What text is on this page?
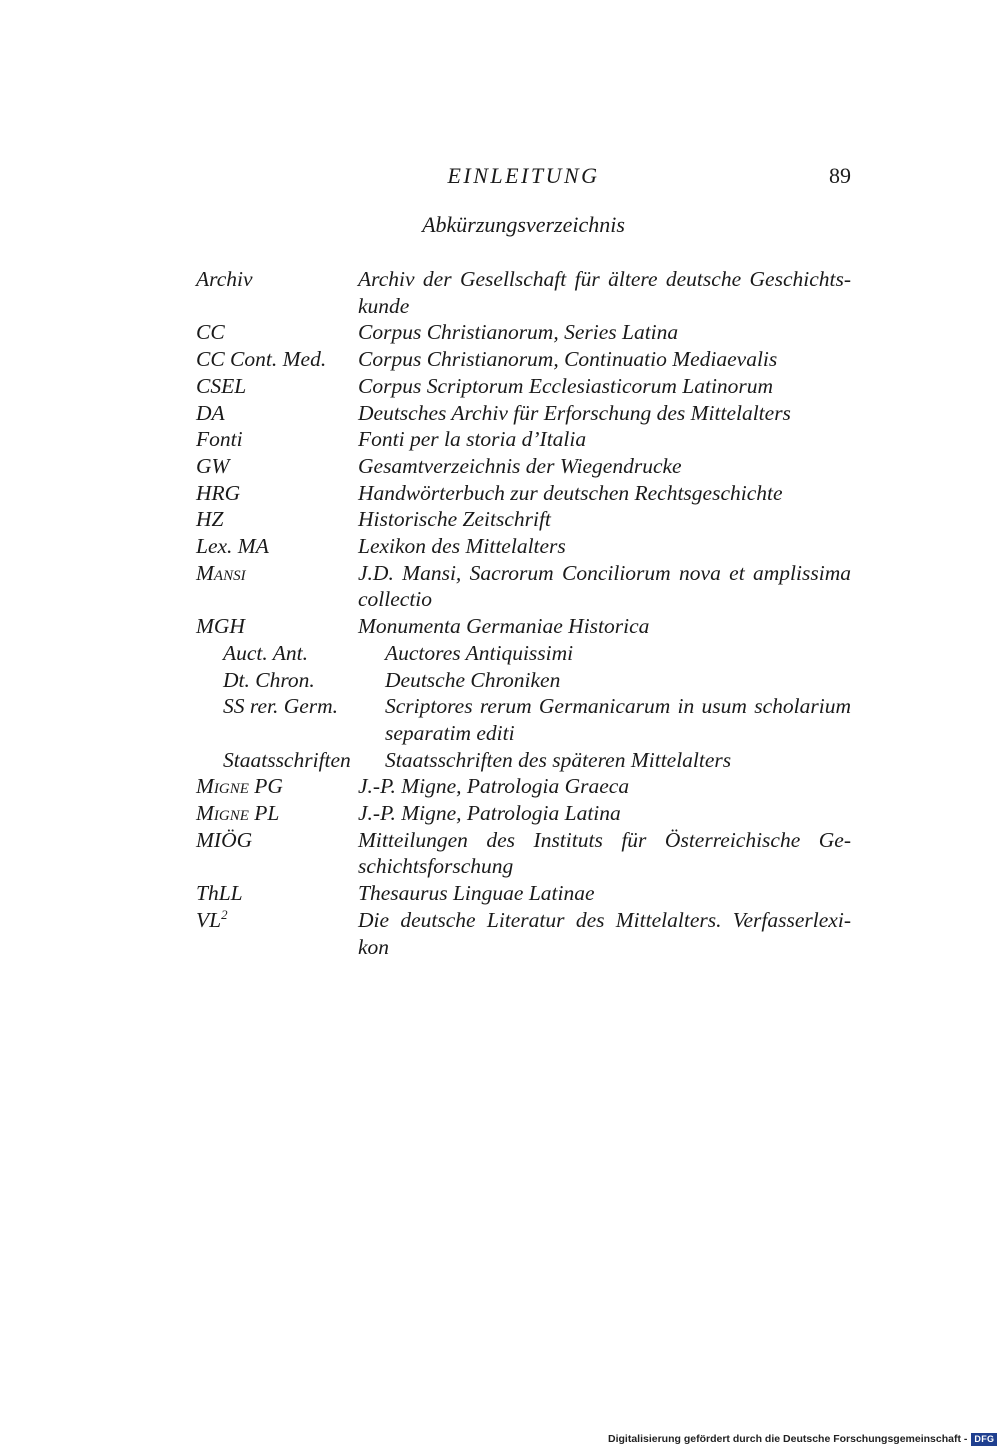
EINLEITUNG	89
Abkürzungsverzeichnis
Archiv	Archiv der Gesellschaft für ältere deutsche Geschichts- kunde
CC	Corpus Christianorum, Series Latina
CC Cont. Med.	Corpus Christianorum, Continuatio Mediaevalis
CSEL	Corpus Scriptorum Ecclesiasticorum Latinorum
DA	Deutsches Archiv für Erforschung des Mittelalters
Fonti	Fonti per la storia d’Italia
GW	Gesamtverzeichnis der Wiegendrucke
HRG	Handwörterbuch zur deutschen Rechtsgeschichte
HZ	Historische Zeitschrift
Lex. MA	Lexikon des Mittelalters
Mansi	J.D. Mansi, Sacrorum Conciliorum nova et amplissima collectio
MGH	Monumenta Germaniae Historica
Auct. Ant.	Auctores Antiquissimi
Dt. Chron.	Deutsche Chroniken
SS rer. Germ.	Scriptores rerum Germanicarum in usum scholarium separatim editi
Staatsschriften	Staatsschriften des späteren Mittelalters
Migne PG	J.-P. Migne, Patrologia Graeca
Migne PL	J.-P. Migne, Patrologia Latina
MIÖG	Mitteilungen des Instituts für Österreichische Ge- schichtsforschung
ThLL	Thesaurus Linguae Latinae
$VL^2$	Die deutsche Literatur des Mittelalters. Verfasserlexi- kon
Digitalisierung gefördert durch die Deutsche Forschungsgemeinschaft - DFG
